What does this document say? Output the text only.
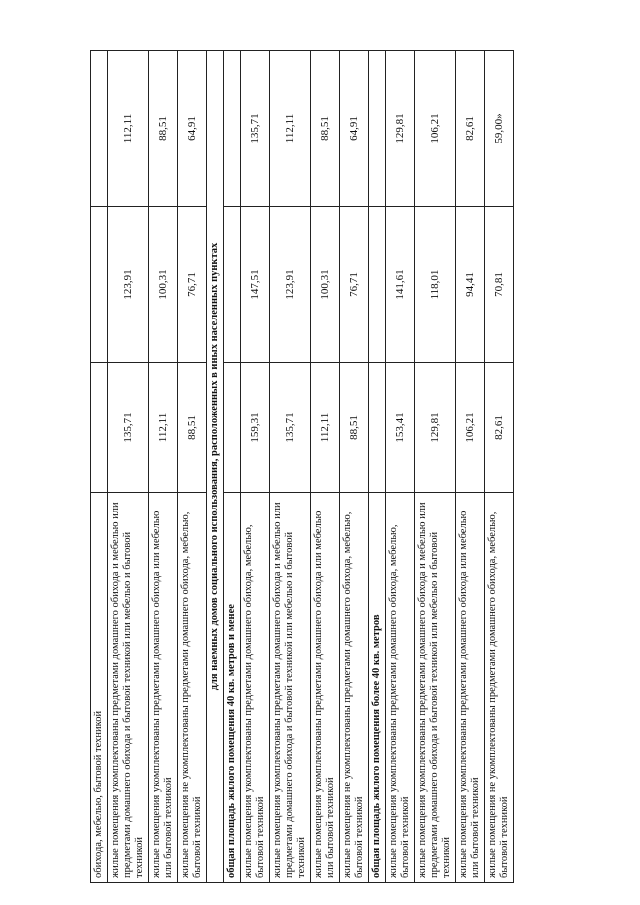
обихода, мебелью, бытовой техникой			
жилые помещения укомплектованы предметами домашнего обихода и мебелью или предметами домашнего обихода и бытовой техникой или мебелью и бытовой техникой	135,71	123,91	112,11
жилые помещения укомплектованы предметами домашнего обихода или мебелью или бытовой техникой	112,11	100,31	88,51
жилые помещения не укомплектованы предметами домашнего обихода, мебелью, бытовой техникой	88,51	76,71	64,91
для наемных домов социального использования, расположенных в иных населенных пунктах			
общая площадь жилого помещения 40 кв. метров и менее			
жилые помещения укомплектованы предметами домашнего обихода, мебелью, бытовой техникой	159,31	147,51	135,71
жилые помещения укомплектованы предметами домашнего обихода и мебелью или предметами домашнего обихода и бытовой техникой или мебелью и бытовой техникой	135,71	123,91	112,11
жилые помещения укомплектованы предметами домашнего обихода или мебелью или бытовой техникой	112,11	100,31	88,51
жилые помещения не укомплектованы предметами домашнего обихода, мебелью, бытовой техникой	88,51	76,71	64,91
общая площадь жилого помещения более 40 кв. метров			
жилые помещения укомплектованы предметами домашнего обихода, мебелью, бытовой техникой	153,41	141,61	129,81
жилые помещения укомплектованы предметами домашнего обихода и мебелью или предметами домашнего обихода и бытовой техникой или мебелью и бытовой техникой	129,81	118,01	106,21
жилые помещения укомплектованы предметами домашнего обихода или мебелью или бытовой техникой	106,21	94,41	82,61
жилые помещения не укомплектованы предметами домашнего обихода, мебелью, бытовой техникой	82,61	70,81	59,00»
